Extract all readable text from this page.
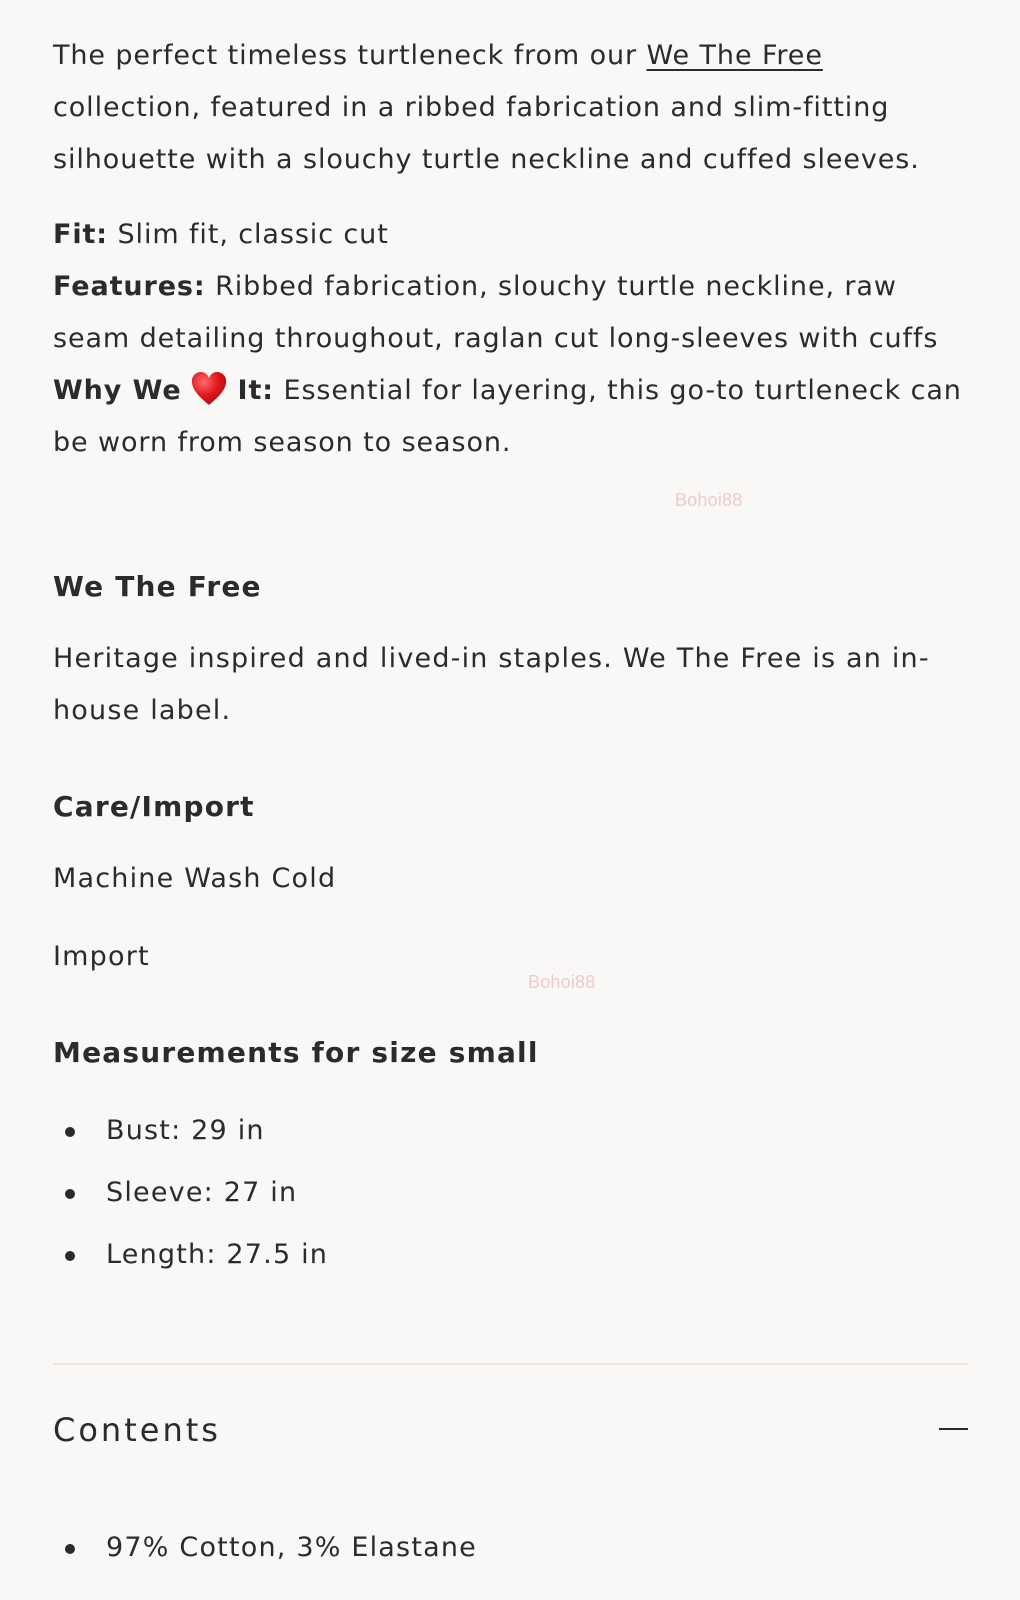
The perfect timeless turtleneck from our We The Free collection, featured in a ribbed fabrication and slim-fitting silhouette with a slouchy turtle neckline and cuffed sleeves.

Fit: Slim fit, classic cut

Features: Ribbed fabrication, slouchy turtle neckline, raw seam detailing throughout, raglan cut long-sleeves with cuffs

Why We It: Essential for layering, this go-to turtleneck can be worn from season to season.

We The Free

Heritage inspired and lived-in staples. We The Free is an in-house label.

Care/Import

Machine Wash Cold

Import

Measurements for size small
Bust: 29 in
Sleeve: 27 in
Length: 27.5 in
Contents
97% Cotton, 3% Elastane
Bohoi88
Bohoi88
